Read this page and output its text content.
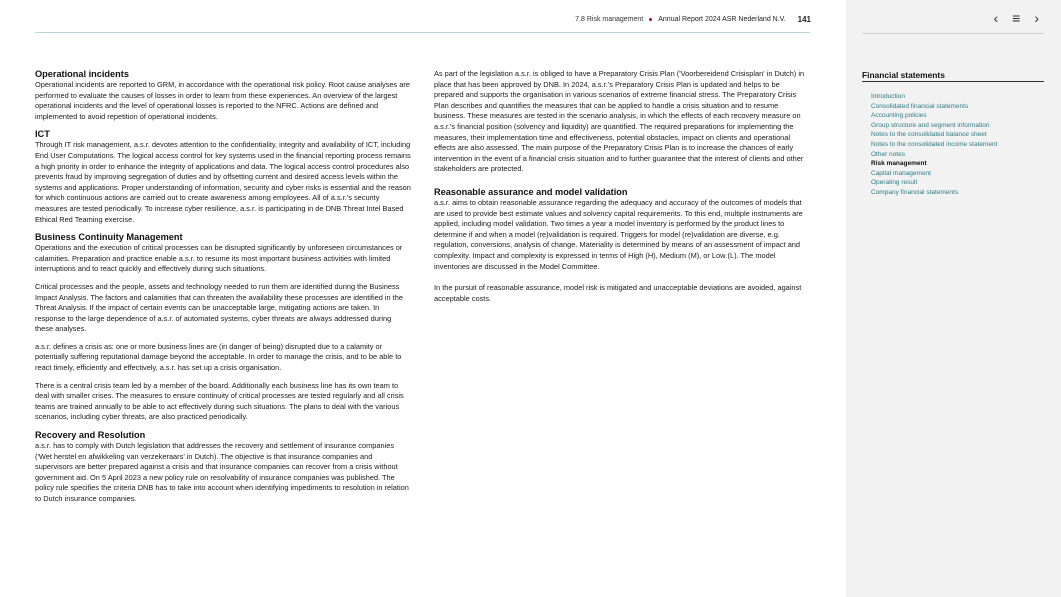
7.8 Risk management Annual Report 2024 ASR Nederland N.V. 141
Operational incidents

Operational incidents are reported to GRM, in accordance with the operational risk policy. Root cause analyses are performed to evaluate the causes of losses in order to learn from these experiences. An overview of the largest operational incidents and the level of operational losses is reported to the NFRC. Actions are defined and implemented to avoid repetition of operational incidents.

ICT

Through IT risk management, a.s.r. devotes attention to the confidentiality, integrity and availability of ICT, including End User Computations. The logical access control for key systems used in the financial reporting process remains a high priority in order to enhance the integrity of applications and data. The logical access control procedures also prevents fraud by improving segregation of duties and by offsetting current and desired access levels within the systems and applications. Proper understanding of information, security and cyber risks is essential and the reason for which continuous actions are carried out to create awareness among employees. All of a.s.r.'s security measures are tested periodically. To increase cyber resilience, a.s.r. is participating in de DNB Threat Intel Based Ethical Red Teaming exercise.

Business Continuity Management

Operations and the execution of critical processes can be disrupted significantly by unforeseen circumstances or calamities. Preparation and practice enable a.s.r. to resume its most important business activities with limited interruptions and to react quickly and effectively during such situations.

Critical processes and the people, assets and technology needed to run them are identified during the Business Impact Analysis. The factors and calamities that can threaten the availability these processes are identified in the Threat Analysis. If the impact of certain events can be unacceptable large, mitigating actions are taken. In response to the large dependence of a.s.r. of automated systems, cyber threats are always addressed during these analyses.

a.s.r. defines a crisis as: one or more business lines are (in danger of being) disrupted due to a calamity or potentially suffering reputational damage beyond the acceptable. In order to manage the crisis, and to be able to react timely, efficiently and effectively, a.s.r. has set up a crisis organisation.

There is a central crisis team led by a member of the board. Additionally each business line has its own team to deal with smaller crises. The measures to ensure continuity of critical processes are tested regularly and all crisis teams are trained annually to be able to act effectively during such situations. The plans to deal with the various scenarios, including cyber threats, are also practiced periodically.

Recovery and Resolution

a.s.r. has to comply with Dutch legislation that addresses the recovery and settlement of insurance companies ('Wet herstel en afwikkeling van verzekeraars' in Dutch). The objective is that insurance companies and supervisors are better prepared against a crisis and that insurance companies can recover from a crisis without government aid. On 5 April 2023 a new policy rule on resolvability of insurance companies was published. The policy rule specifies the criteria DNB has to take into account when identifying impediments to resolution in relation to Dutch insurance companies.

As part of the legislation a.s.r. is obliged to have a Preparatory Crisis Plan ('Voorbereidend Crisisplan' in Dutch) in place that has been approved by DNB. In 2024, a.s.r.'s Preparatory Crisis Plan is updated and helps to be prepared and supports the organisation in various scenarios of extreme financial stress. The Preparatory Crisis Plan describes and quantifies the measures that can be applied to handle a crisis situation and to resume business. These measures are tested in the scenario analysis, in which the effects of each recovery measure on a.s.r.'s financial position (solvency and liquidity) are quantified. The required preparations for implementing the measures, their implementation time and effectiveness, potential obstacles, impact on clients and operational effects are also assessed. The main purpose of the Preparatory Crisis Plan is to increase the chances of early intervention in the event of a financial crisis situation and to further guarantee that the interest of clients and other stakeholders are protected.

Reasonable assurance and model validation

a.s.r. aims to obtain reasonable assurance regarding the adequacy and accuracy of the outcomes of models that are used to provide best estimate values and solvency capital requirements. To this end, multiple instruments are applied, including model validation. Two times a year a model inventory is performed by the product lines to determine if and when a model (re)validation is required. Triggers for model (re)validation are diverse, e.g. regulation, conversions, analysis of change. Materiality is determined by means of an assessment of impact and complexity. Impact and complexity is expressed in terms of High (H), Medium (M), or Low (L). The model inventories are discussed in the Model Committee.

In the pursuit of reasonable assurance, model risk is mitigated and unacceptable deviations are avoided, against acceptable costs.

‹ ≡ ›
Financial statements
Introduction
Consolidated financial statements
Accounting policies
Group structure and segment information
Notes to the consolidated balance sheet
Notes to the consolidated income statement
Other notes
Risk management
Capital management
Operating result
Company financial statements
